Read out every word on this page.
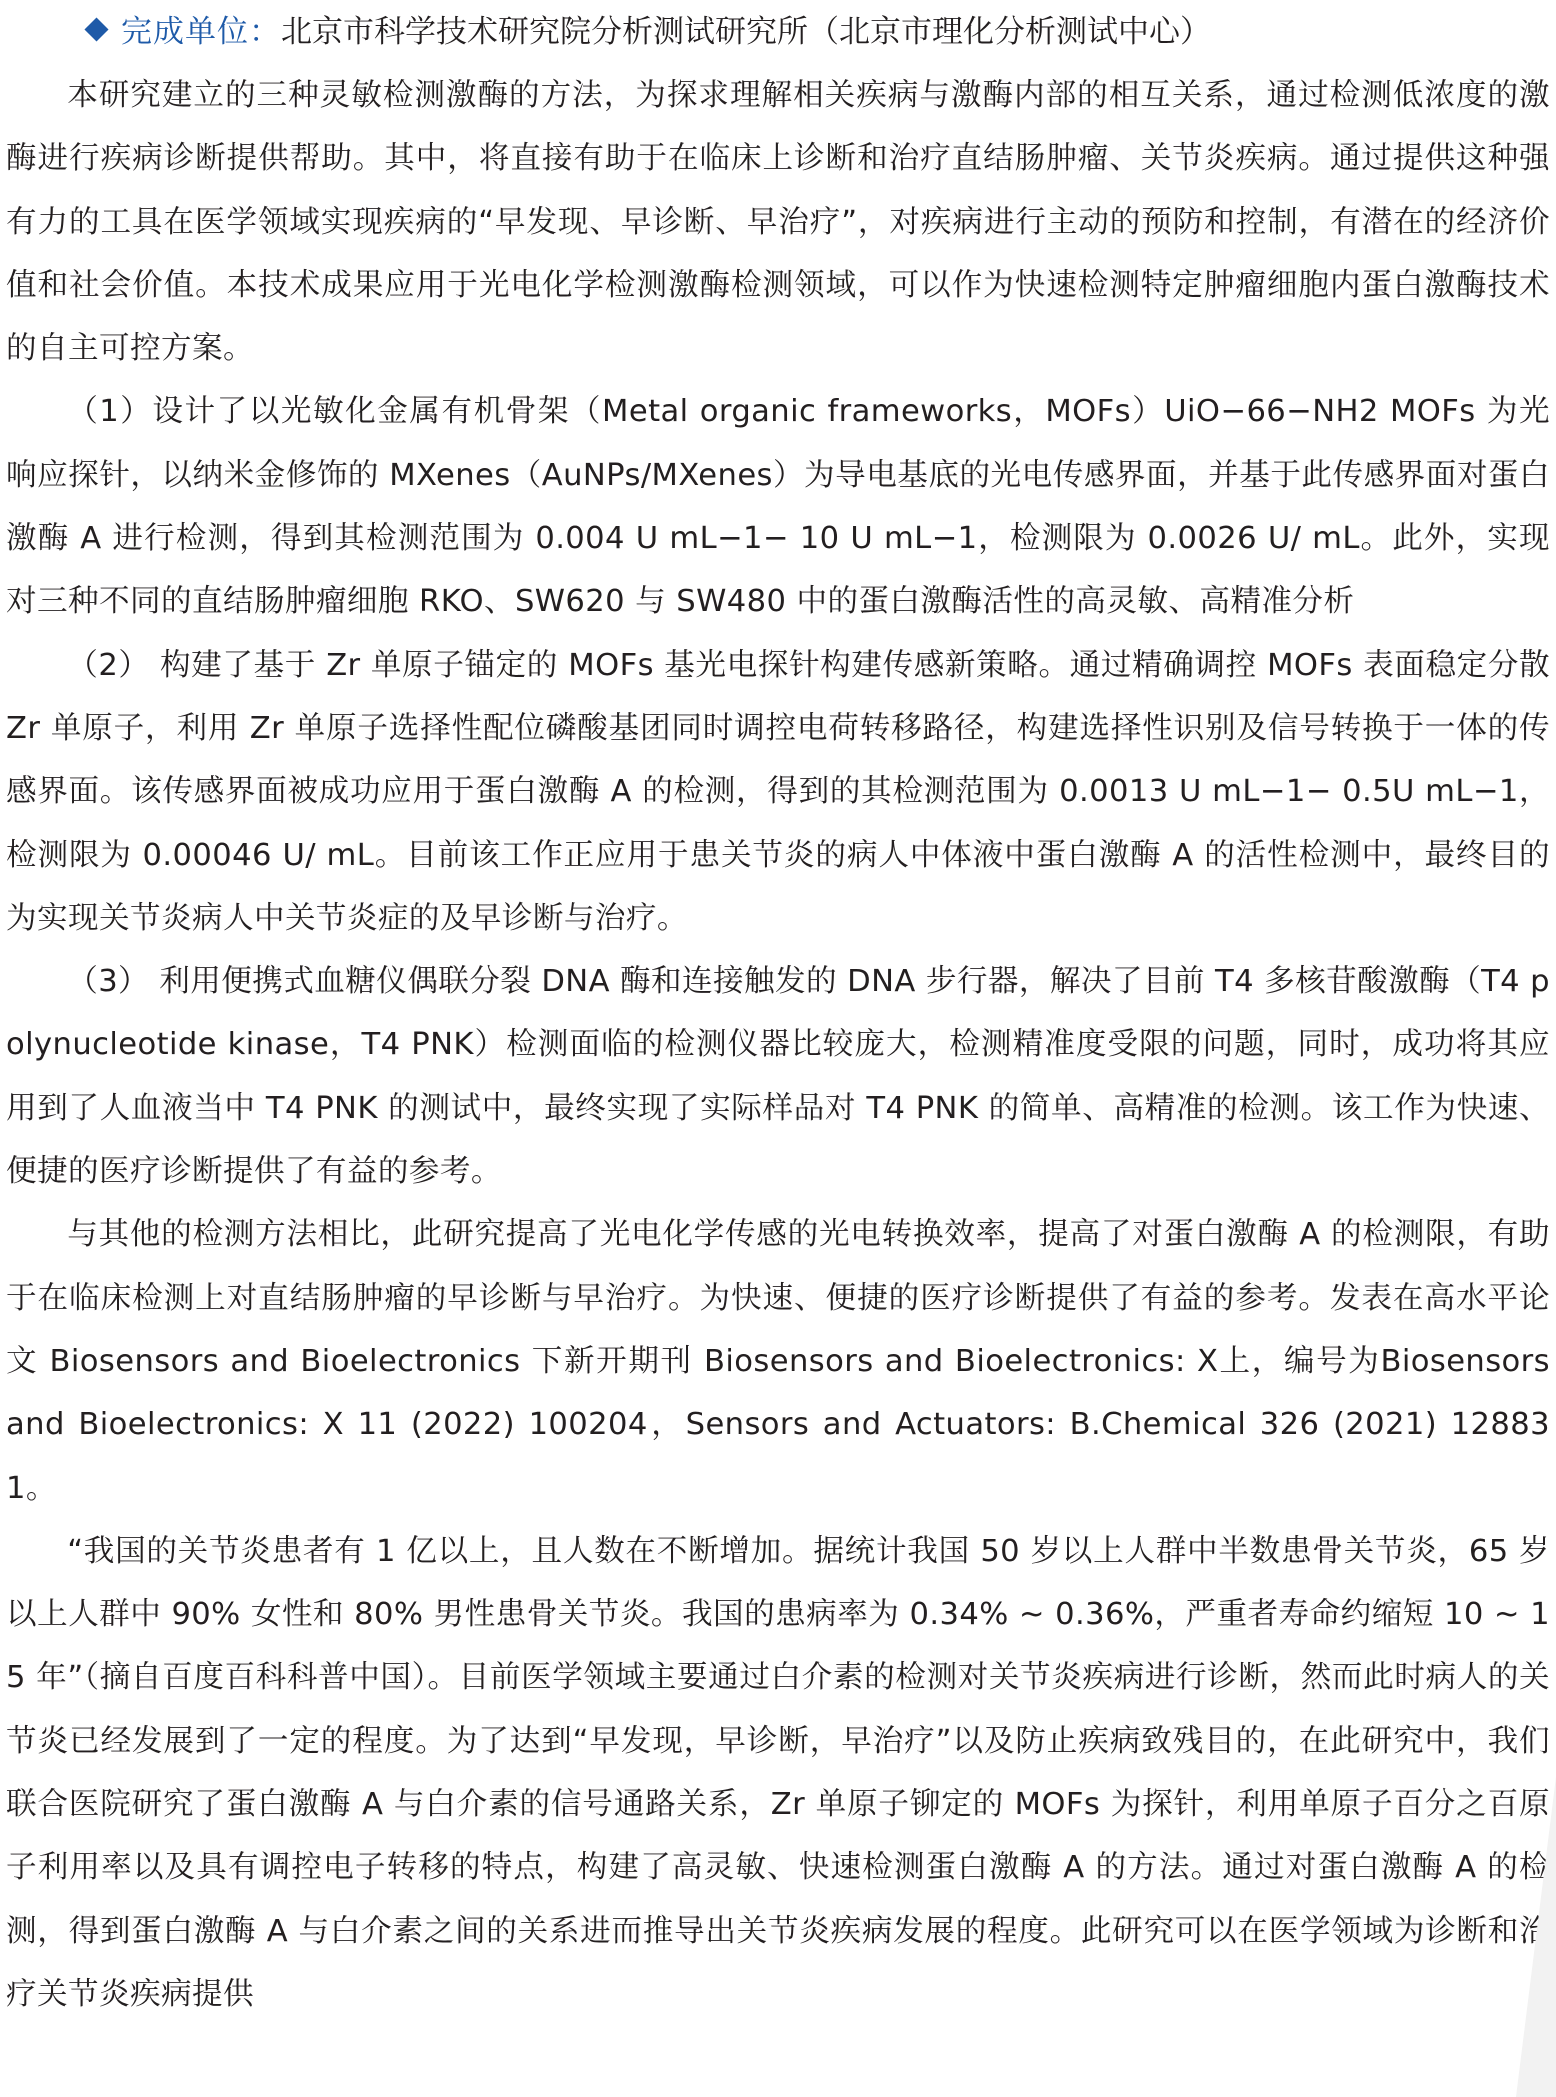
完成单位：北京市科学技术研究院分析测试研究所（北京市理化分析测试中心）

本研究建立的三种灵敏检测激酶的方法，为探求理解相关疾病与激酶内部的相互关系，通过检测低浓度的激酶进行疾病诊断提供帮助。其中，将直接有助于在临床上诊断和治疗直结肠肿瘤、关节炎疾病。通过提供这种强有力的工具在医学领域实现疾病的“早发现、早诊断、早治疗”，对疾病进行主动的预防和控制，有潜在的经济价值和社会价值。本技术成果应用于光电化学检测激酶检测领域，可以作为快速检测特定肿瘤细胞内蛋白激酶技术的自主可控方案。

（1）设计了以光敏化金属有机骨架（Metal organic frameworks，MOFs）UiO−66−NH2 MOFs 为光响应探针，以纳米金修饰的 MXenes（AuNPs/MXenes）为导电基底的光电传感界面，并基于此传感界面对蛋白激酶 A 进行检测，得到其检测范围为 0.004 U mL−1− 10 U mL−1，检测限为 0.0026 U/ mL。此外，实现对三种不同的直结肠肿瘤细胞 RKO、SW620 与 SW480 中的蛋白激酶活性的高灵敏、高精准分析

（2） 构建了基于 Zr 单原子锚定的 MOFs 基光电探针构建传感新策略。通过精确调控 MOFs 表面稳定分散 Zr 单原子，利用 Zr 单原子选择性配位磷酸基团同时调控电荷转移路径，构建选择性识别及信号转换于一体的传感界面。该传感界面被成功应用于蛋白激酶 A 的检测，得到的其检测范围为 0.0013 U mL−1− 0.5U mL−1，检测限为 0.00046 U/ mL。目前该工作正应用于患关节炎的病人中体液中蛋白激酶 A 的活性检测中，最终目的为实现关节炎病人中关节炎症的及早诊断与治疗。

（3） 利用便携式血糖仪偶联分裂 DNA 酶和连接触发的 DNA 步行器，解决了目前 T4 多核苷酸激酶（T4 polynucleotide kinase，T4 PNK）检测面临的检测仪器比较庞大，检测精准度受限的问题，同时，成功将其应用到了人血液当中 T4 PNK 的测试中，最终实现了实际样品对 T4 PNK 的简单、高精准的检测。该工作为快速、便捷的医疗诊断提供了有益的参考。

与其他的检测方法相比，此研究提高了光电化学传感的光电转换效率，提高了对蛋白激酶 A 的检测限，有助于在临床检测上对直结肠肿瘤的早诊断与早治疗。为快速、便捷的医疗诊断提供了有益的参考。发表在高水平论文 Biosensors and Bioelectronics 下新开期刊 Biosensors and Bioelectronics: X上，编号为Biosensors and Bioelectronics: X 11 (2022) 100204，Sensors and Actuators: B.Chemical 326 (2021) 128831。

“我国的关节炎患者有 1 亿以上，且人数在不断增加。据统计我国 50 岁以上人群中半数患骨关节炎，65 岁以上人群中 90% 女性和 80% 男性患骨关节炎。我国的患病率为 0.34% ~ 0.36%，严重者寿命约缩短 10 ~ 15 年”（摘自百度百科科普中国）。目前医学领域主要通过白介素的检测对关节炎疾病进行诊断，然而此时病人的关节炎已经发展到了一定的程度。为了达到“早发现，早诊断，早治疗”以及防止疾病致残目的，在此研究中，我们联合医院研究了蛋白激酶 A 与白介素的信号通路关系，Zr 单原子铆定的 MOFs 为探针，利用单原子百分之百原子利用率以及具有调控电子转移的特点，构建了高灵敏、快速检测蛋白激酶 A 的方法。通过对蛋白激酶 A 的检测，得到蛋白激酶 A 与白介素之间的关系进而推导出关节炎疾病发展的程度。此研究可以在医学领域为诊断和治疗关节炎疾病提供
